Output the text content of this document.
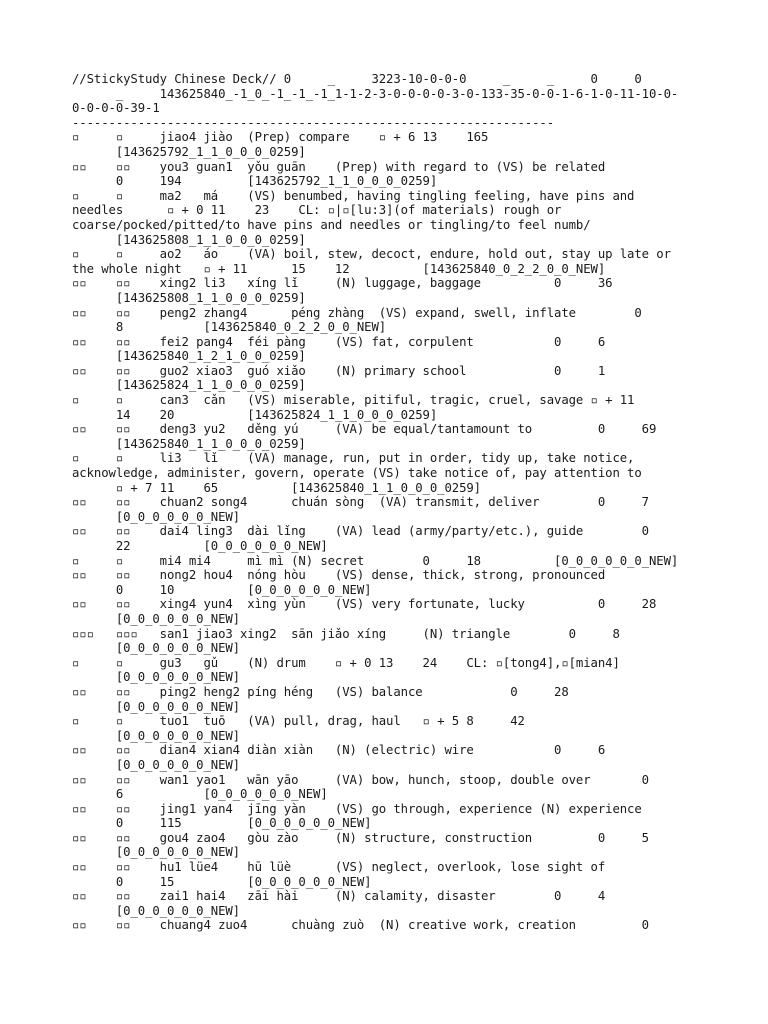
//StickyStudy Chinese Deck// 0     _     3223-10-0-0-0     _     _     0     0
_     143625840_-1_0_-1_-1_-1_1-1-2-3-0-0-0-0-3-0-133-35-0-0-1-6-1-0-11-10-0-
0-0-0-0-39-1
------------------------------------------------------------------
▫     ▫     jiao4 jiào  (Prep) compare    ▫ + 6 13    165
[143625792_1_1_0_0_0_0259]
▫▫    ▫▫    you3 guan1  yǒu guān    (Prep) with regard to (VS) be related
0     194         [143625792_1_1_0_0_0_0259]
▫     ▫     ma2   má    (VS) benumbed, having tingling feeling, have pins and
needles      ▫ + 0 11    23    CL: ▫|▫[lu:3](of materials) rough or
coarse/pocked/pitted/to have pins and needles or tingling/to feel numb/
[143625808_1_1_0_0_0_0259]
▫     ▫     ao2   áo    (VA) boil, stew, decoct, endure, hold out, stay up late or
the whole night   ▫ + 11      15    12          [143625840_0_2_2_0_0_NEW]
▫▫    ▫▫    xing2 li3   xíng lǐ     (N) luggage, baggage          0     36
[143625808_1_1_0_0_0_0259]
▫▫    ▫▫    peng2 zhang4      péng zhàng  (VS) expand, swell, inflate        0
8           [143625840_0_2_2_0_0_NEW]
▫▫    ▫▫    fei2 pang4  féi pàng    (VS) fat, corpulent           0     6
[143625840_1_2_1_0_0_0259]
▫▫    ▫▫    guo2 xiao3  guó xiǎo    (N) primary school            0     1
[143625824_1_1_0_0_0_0259]
▫     ▫     can3  cǎn   (VS) miserable, pitiful, tragic, cruel, savage ▫ + 11
14    20          [143625824_1_1_0_0_0_0259]
▫▫    ▫▫    deng3 yu2   děng yú     (VA) be equal/tantamount to         0     69
[143625840_1_1_0_0_0_0259]
▫     ▫     li3   lǐ    (VA) manage, run, put in order, tidy up, take notice,
acknowledge, administer, govern, operate (VS) take notice of, pay attention to
▫ + 7 11    65          [143625840_1_1_0_0_0_0259]
▫▫    ▫▫    chuan2 song4      chuán sòng  (VA) transmit, deliver        0     7
[0_0_0_0_0_0_NEW]
▫▫    ▫▫    dai4 ling3  dài lǐng    (VA) lead (army/party/etc.), guide        0
22          [0_0_0_0_0_0_NEW]
▫     ▫     mi4 mi4     mì mì (N) secret        0     18          [0_0_0_0_0_0_NEW]
▫▫    ▫▫    nong2 hou4  nóng hòu    (VS) dense, thick, strong, pronounced
0     10          [0_0_0_0_0_0_NEW]
▫▫    ▫▫    xing4 yun4  xìng yùn    (VS) very fortunate, lucky          0     28
[0_0_0_0_0_0_NEW]
▫▫▫   ▫▫▫   san1 jiao3 xing2  sān jiǎo xíng     (N) triangle        0     8
[0_0_0_0_0_0_NEW]
▫     ▫     gu3   gǔ    (N) drum    ▫ + 0 13    24    CL: ▫[tong4],▫[mian4]
[0_0_0_0_0_0_NEW]
▫▫    ▫▫    ping2 heng2 píng héng   (VS) balance            0     28
[0_0_0_0_0_0_NEW]
▫     ▫     tuo1  tuō   (VA) pull, drag, haul   ▫ + 5 8     42
[0_0_0_0_0_0_NEW]
▫▫    ▫▫    dian4 xian4 diàn xiàn   (N) (electric) wire           0     6
[0_0_0_0_0_0_NEW]
▫▫    ▫▫    wan1 yao1   wān yāo     (VA) bow, hunch, stoop, double over       0
6           [0_0_0_0_0_0_NEW]
▫▫    ▫▫    jing1 yan4  jīng yàn    (VS) go through, experience (N) experience
0     115         [0_0_0_0_0_0_NEW]
▫▫    ▫▫    gou4 zao4   gòu zào     (N) structure, construction         0     5
[0_0_0_0_0_0_NEW]
▫▫    ▫▫    hu1 lüe4    hū lüè      (VS) neglect, overlook, lose sight of
0     15          [0_0_0_0_0_0_NEW]
▫▫    ▫▫    zai1 hai4   zāi hài     (N) calamity, disaster        0     4
[0_0_0_0_0_0_NEW]
▫▫    ▫▫    chuang4 zuo4      chuàng zuò  (N) creative work, creation         0
